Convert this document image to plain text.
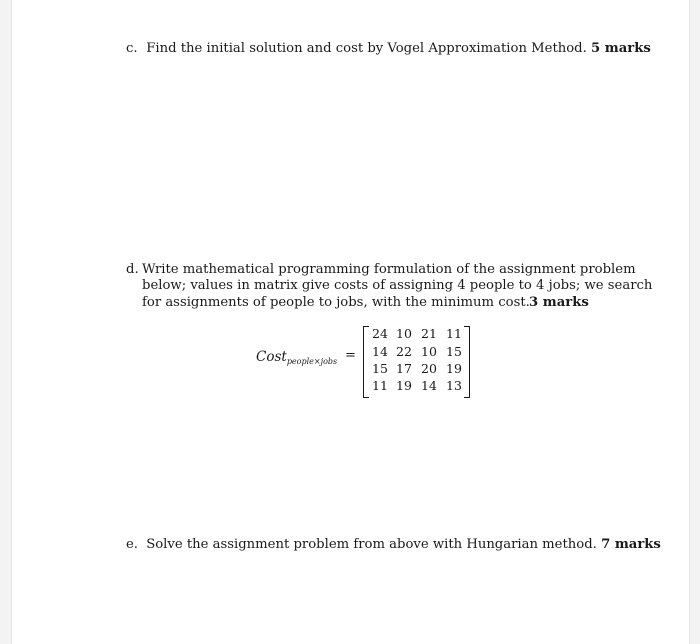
c. Find the initial solution and cost by Vogel Approximation Method. 5 marks
d. Write mathematical programming formulation of the assignment problem
below; values in matrix give costs of assigning 4 people to 4 jobs; we search
for assignments of people to jobs, with the minimum cost. 3 marks
Cost$_{people\times jobs}$ =
24 10 21 11
14 22 10 15
15 17 20 19
11 19 14 13
e. Solve the assignment problem from above with Hungarian method. 7 marks
